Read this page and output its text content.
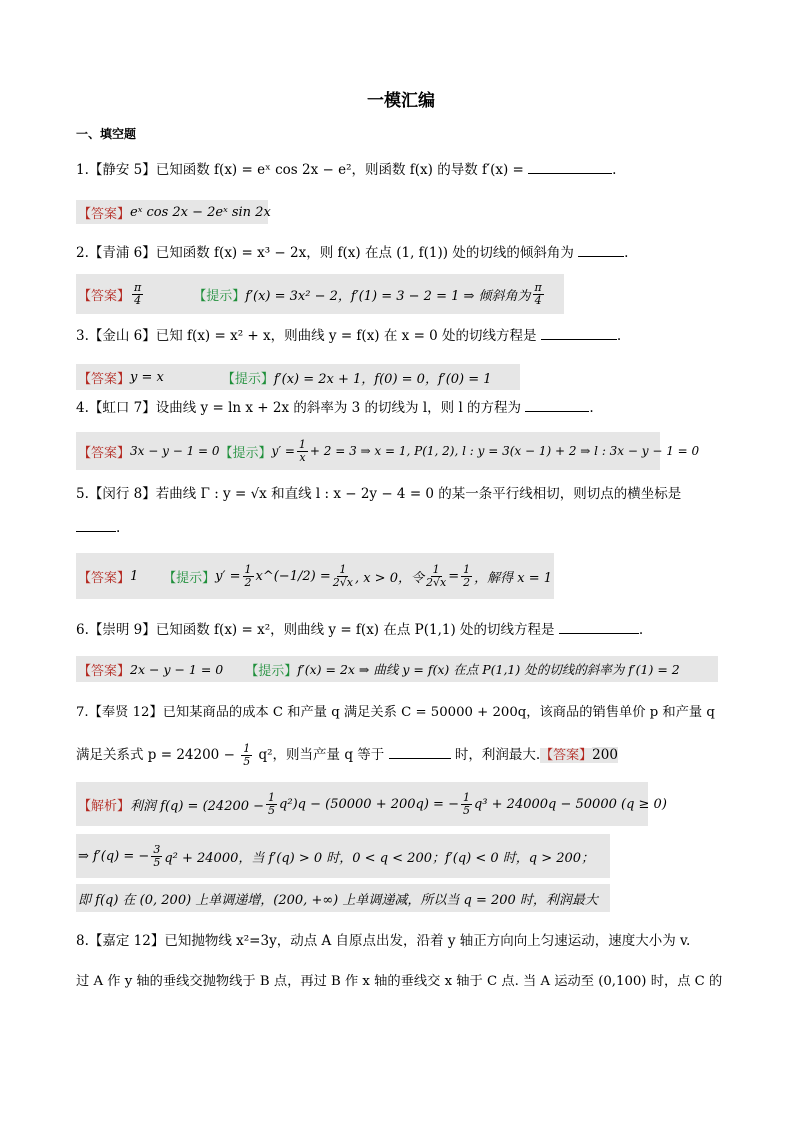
一模汇编
一、填空题
1.【静安 5】已知函数 f(x) = eˣ cos 2x − e²，则函数 f(x) 的导数 f′(x) =	.
【答案】 eˣ cos 2x − 2eˣ sin 2x
2.【青浦 6】已知函数 f(x) = x³ − 2x，则 f(x) 在点 (1, f(1)) 处的切线的倾斜角为	.
【答案】
π
4	【提示】 f′(x) = 3x² − 2，f′(1) = 3 − 2 = 1 ⇒ 倾斜角为
π
4
3.【金山 6】已知 f(x) = x² + x，则曲线 y = f(x) 在 x = 0 处的切线方程是	.
【答案】 y = x	【提示】 f′(x) = 2x + 1，f(0) = 0，f′(0) = 1
4.【虹口 7】设曲线 y = ln x + 2x 的斜率为 3 的切线为 l，则 l 的方程为	.
【答案】 3x − y − 1 = 0 【提示】 $y' = \frac{1}{x} + 2 = 3$ ⇒ x = 1, P(1, 2), l : y = 3(x − 1) + 2 ⇒ l : 3x − y − 1 = 0
5.【闵行 8】若曲线 Γ : y = √x 和直线 l : x − 2y − 4 = 0 的某一条平行线相切，则切点的横坐标是
.
【答案】 1 【提示】 $y' = \frac{1}{2}$ x^(−1/2) = $\frac{1}{2√x}$ , x > 0，令 $\frac{1}{2√x} = \frac{1}{2}$ ，解得 x = 1
6.【崇明 9】已知函数 f(x) = x²，则曲线 y = f(x) 在点 P(1,1) 处的切线方程是	.
【答案】 2x − y − 1 = 0 【提示】 f′(x) = 2x ⇒ 曲线 y = f(x) 在点 P(1,1) 处的切线的斜率为 f′(1) = 2
7.【奉贤 12】已知某商品的成本 C 和产量 q 满足关系 C = 50000 + 200q，该商品的销售单价 p 和产量 q
满足关系式 $p = 24200 - \frac{1}{5} q^2$，则当产量 q 等于	时，利润最大.【答案】200
【解析】 利润 $f(q) = (24200 - \frac{1}{5} q^2)q - (50000 + 200q)$ = − $\frac{1}{5} q^3 + 24000q - 50000$ (q ≥ 0)
⇒ f′(q) = − $\frac{3}{5} q^2 + 24000$，当 f′(q) > 0 时，0 < q < 200；f′(q) < 0 时，q > 200；
即 f(q) 在 (0, 200) 上单调递增，(200, +∞) 上单调递减，所以当 q = 200 时，利润最大
8.【嘉定 12】已知抛物线 x²=3y，动点 A 自原点出发，沿着 y 轴正方向向上匀速运动，速度大小为 v.
过 A 作 y 轴的垂线交抛物线于 B 点，再过 B 作 x 轴的垂线交 x 轴于 C 点. 当 A 运动至 (0,100) 时，点 C 的
